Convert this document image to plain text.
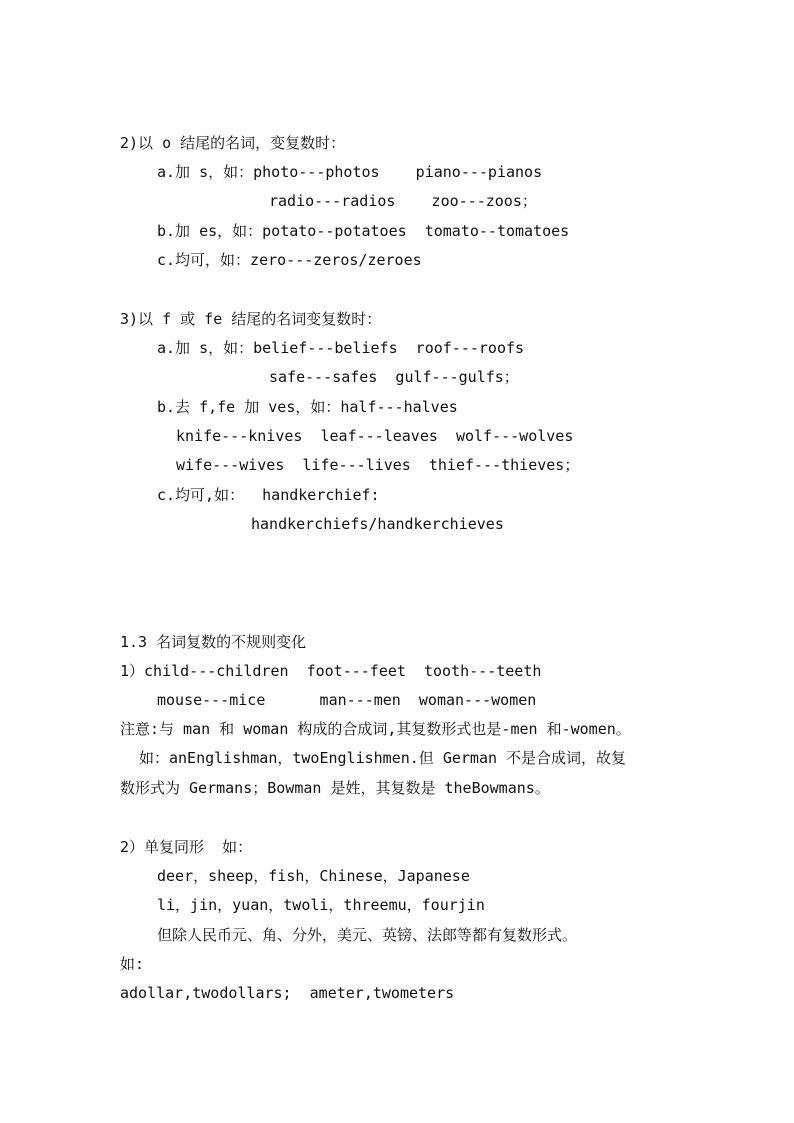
2)以 o 结尾的名词，变复数时：
a.加 s，如：photo---photos    piano---pianos
radio---radios    zoo---zoos；
b.加 es，如：potato--potatoes  tomato--tomatoes
c.均可，如：zero---zeros/zeroes
3)以 f 或 fe 结尾的名词变复数时：
a.加 s，如：belief---beliefs  roof---roofs
safe---safes  gulf---gulfs；
b.去 f,fe 加 ves，如：half---halves
knife---knives  leaf---leaves  wolf---wolves
wife---wives  life---lives  thief---thieves；
c.均可,如：  handkerchief:
handkerchiefs/handkerchieves
1.3 名词复数的不规则变化
1）child---children  foot---feet  tooth---teeth
mouse---mice      man---men  woman---women
注意:与 man 和 woman 构成的合成词,其复数形式也是-men 和-women。
如：anEnglishman，twoEnglishmen.但 German 不是合成词，故复
数形式为 Germans；Bowman 是姓，其复数是 theBowmans。
2）单复同形  如：
deer，sheep，fish，Chinese，Japanese
li，jin，yuan，twoli，threemu，fourjin
但除人民币元、角、分外，美元、英镑、法郎等都有复数形式。
如:
adollar,twodollars;  ameter,twometers
